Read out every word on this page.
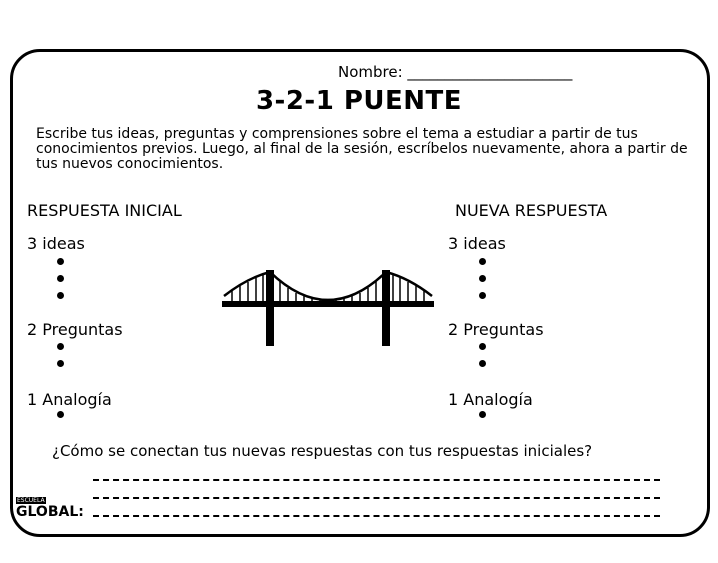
Nombre: ______________________
3-2-1 PUENTE
Escribe tus ideas, preguntas y comprensiones sobre el tema a estudiar a partir de tus conocimientos previos. Luego, al final de la sesión, escríbelos nuevamente, ahora a partir de tus nuevos conocimientos.
RESPUESTA INICIAL	NUEVA RESPUESTA
3 ideas
2 Preguntas
1 Analogía
3 ideas
2 Preguntas
1 Analogía
¿Cómo se conectan tus nuevas respuestas con tus respuestas iniciales?
ESCUELA
GLOBAL:
